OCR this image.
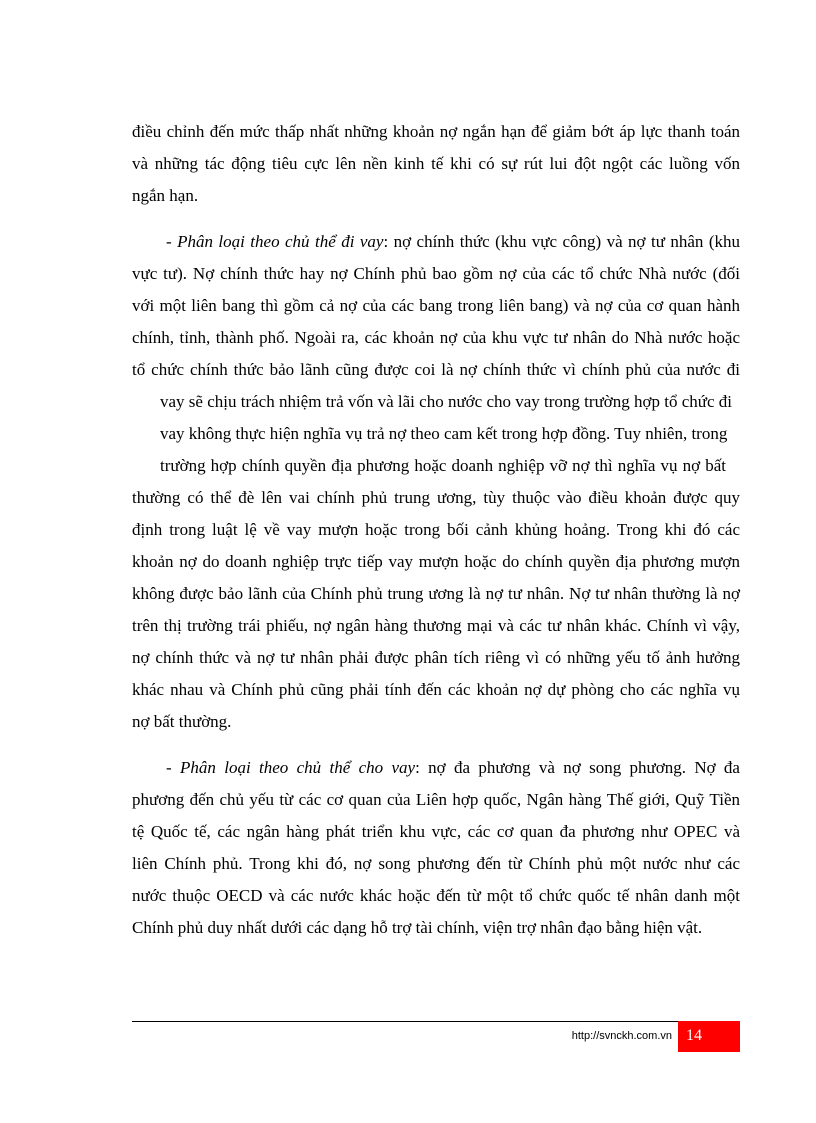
điều chỉnh đến mức thấp nhất những khoản nợ ngắn hạn để giảm bớt áp lực thanh toán
và những tác động tiêu cực lên nền kinh tế khi có sự rút lui đột ngột các luồng vốn
ngắn hạn.
- Phân loại theo chủ thể đi vay: nợ chính thức (khu vực công) và nợ tư nhân (khu
vực tư). Nợ chính thức hay nợ Chính phủ bao gồm nợ của các tổ chức Nhà nước (đối
với một liên bang thì gồm cả nợ của các bang trong liên bang) và nợ của cơ quan hành
chính, tỉnh, thành phố. Ngoài ra, các khoản nợ của khu vực tư nhân do Nhà nước hoặc
tổ chức chính thức bảo lãnh cũng được coi là nợ chính thức vì chính phủ của nước đi
vay sẽ chịu trách nhiệm trả vốn và lãi cho nước cho vay trong trường hợp tổ chức đi
vay không thực hiện nghĩa vụ trả nợ theo cam kết trong hợp đồng. Tuy nhiên, trong
trường hợp chính quyền địa phương hoặc doanh nghiệp vỡ nợ thì nghĩa vụ nợ bất
thường có thể đè lên vai chính phủ trung ương, tùy thuộc vào điều khoản được quy
định trong luật lệ về vay mượn hoặc trong bối cảnh khủng hoảng. Trong khi đó các
khoản nợ do doanh nghiệp trực tiếp vay mượn hoặc do chính quyền địa phương mượn
không được bảo lãnh của Chính phủ trung ương là nợ tư nhân. Nợ tư nhân thường là nợ
trên thị trường trái phiếu, nợ ngân hàng thương mại và các tư nhân khác. Chính vì vậy,
nợ chính thức và nợ tư nhân phải được phân tích riêng vì có những yếu tố ảnh hưởng
khác nhau và Chính phủ cũng phải tính đến các khoản nợ dự phòng cho các nghĩa vụ
nợ bất thường.
- Phân loại theo chủ thể cho vay: nợ đa phương và nợ song phương. Nợ đa
phương đến chủ yếu từ các cơ quan của Liên hợp quốc, Ngân hàng Thế giới, Quỹ Tiền
tệ Quốc tế, các ngân hàng phát triển khu vực, các cơ quan đa phương như OPEC và
liên Chính phủ. Trong khi đó, nợ song phương đến từ Chính phủ một nước như các
nước thuộc OECD và các nước khác hoặc đến từ một tổ chức quốc tế nhân danh một
Chính phủ duy nhất dưới các dạng hỗ trợ tài chính, viện trợ nhân đạo bằng hiện vật.
http://svnckh.com.vn 14
